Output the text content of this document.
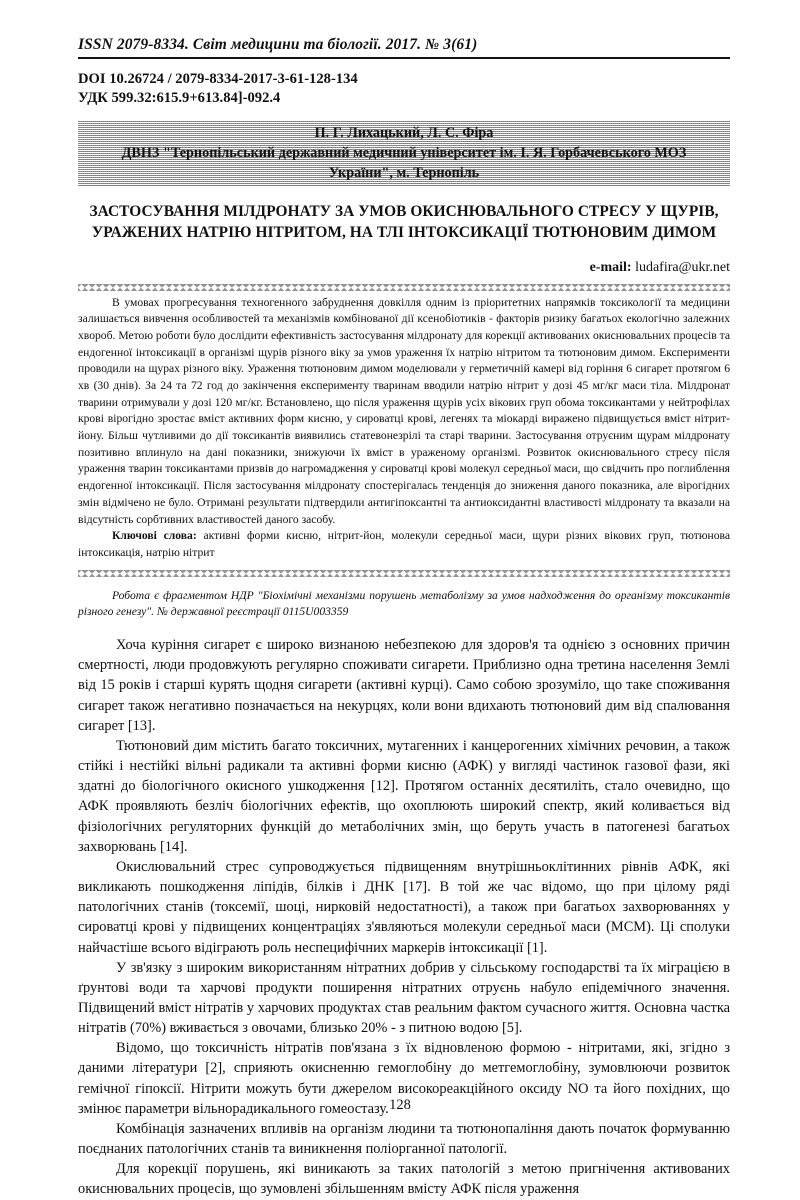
ISSN 2079-8334. Світ медицини та біології. 2017. № 3(61)
DOI 10.26724 / 2079-8334-2017-3-61-128-134
УДК 599.32:615.9+613.84]-092.4
П. Г. Лихацький, Л. С. Фіра
ДВНЗ "Тернопільський державний медичний університет ім. І. Я. Горбачевського МОЗ
України", м. Тернопіль
ЗАСТОСУВАННЯ МІЛДРОНАТУ ЗА УМОВ ОКИСНЮВАЛЬНОГО СТРЕСУ У ЩУРІВ,
УРАЖЕНИХ НАТРІЮ НІТРИТОМ, НА ТЛІ ІНТОКСИКАЦІЇ ТЮТЮНОВИМ ДИМОМ
e-mail: ludafira@ukr.net

В умовах прогресування техногенного забруднення довкілля одним із пріоритетних напрямків токсикології та медицини залишається вивчення особливостей та механізмів комбінованої дії ксенобіотиків - факторів ризику багатьох екологічно залежних хвороб. Метою роботи було дослідити ефективність застосування мілдронату для корекції активованих окиснювальних процесів та ендогенної інтоксикації в організмі щурів різного віку за умов ураження їх натрію нітритом та тютюновим димом. Експерименти проводили на щурах різного віку. Ураження тютюновим димом моделювали у герметичній камері від горіння 6 сигарет протягом 6 хв (30 днів). За 24 та 72 год до закінчення експерименту тваринам вводили натрію нітрит у дозі 45 мг/кг маси тіла. Мілдронат тварини отримували у дозі 120 мг/кг. Встановлено, що після ураження щурів усіх вікових груп обома токсикантами у нейтрофілах крові вірогідно зростає вміст активних форм кисню, у сироватці крові, легенях та міокарді виражено підвищується вміст нітрит-йону. Більш чутливими до дії токсикантів виявились статевонезрілі та старі тварини. Застосування отруєним щурам мілдронату позитивно вплинуло на дані показники, знижуючи їх вміст в ураженому організмі. Розвиток окиснювального стресу після ураження тварин токсикантами призвів до нагромадження у сироватці крові молекул середньої маси, що свідчить про поглиблення ендогенної інтоксикації. Після застосування мілдронату спостерігалась тенденція до зниження даного показника, але вірогідних змін відмічено не було. Отримані результати підтвердили антигіпоксантні та антиоксидантні властивості мілдронату та вказали на відсутність сорбтивних властивостей даного засобу.

Ключові слова: активні форми кисню, нітрит-йон, молекули середньої маси, щури різних вікових груп, тютюнова інтоксикація, натрію нітрит

Робота є фрагментом НДР "Біохімічні механізми порушень метаболізму за умов надходження до організму токсикантів різного генезу". № державної реєстрації 0115U003359

Хоча куріння сигарет є широко визнаною небезпекою для здоров'я та однією з основних причин смертності, люди продовжують регулярно споживати сигарети. Приблизно одна третина населення Землі від 15 років і старші курять щодня сигарети (активні курці). Само собою зрозуміло, що таке споживання сигарет також негативно позначається на некурцях, коли вони вдихають тютюновий дим від спалювання сигарет [13].

Тютюновий дим містить багато токсичних, мутагенних і канцерогенних хімічних речовин, а також стійкі і нестійкі вільні радикали та активні форми кисню (АФК) у вигляді частинок газової фази, які здатні до біологічного окисного ушкодження [12]. Протягом останніх десятиліть, стало очевидно, що АФК проявляють безліч біологічних ефектів, що охоплюють широкий спектр, який коливається від фізіологічних регуляторних функцій до метаболічних змін, що беруть участь в патогенезі багатьох захворювань [14].

Окислювальний стрес супроводжується підвищенням внутрішньоклітинних рівнів АФК, які викликають пошкодження ліпідів, білків і ДНК [17]. В той же час відомо, що при цілому ряді патологічних станів (токсемії, шоці, нирковій недостатності), а також при багатьох захворюваннях у сироватці крові у підвищених концентраціях з'являються молекули середньої маси (МСМ). Ці сполуки найчастіше всього відіграють роль неспецифічних маркерів інтоксикації [1].

У зв'язку з широким використанням нітратних добрив у сільському господарстві та їх міграцією в ґрунтові води та харчові продукти поширення нітратних отруєнь набуло епідемічного значення. Підвищений вміст нітратів у харчових продуктах став реальним фактом сучасного життя. Основна частка нітратів (70%) вживається з овочами, близько 20% - з питною водою [5].

Відомо, що токсичність нітратів пов'язана з їх відновленою формою - нітритами, які, згідно з даними літератури [2], сприяють окисненню гемоглобіну до метгемоглобіну, зумовлюючи розвиток гемічної гіпоксії. Нітрити можуть бути джерелом високореакційного оксиду NO та його похідних, що змінює параметри вільнорадикального гомеостазу.

Комбінація зазначених впливів на організм людини та тютюнопаління дають початок формуванню поєднаних патологічних станів та виникнення поліорганної патології.

Для корекції порушень, які виникають за таких патологій з метою пригнічення активованих окиснювальних процесів, що зумовлені збільшенням вмісту АФК після ураження

128
